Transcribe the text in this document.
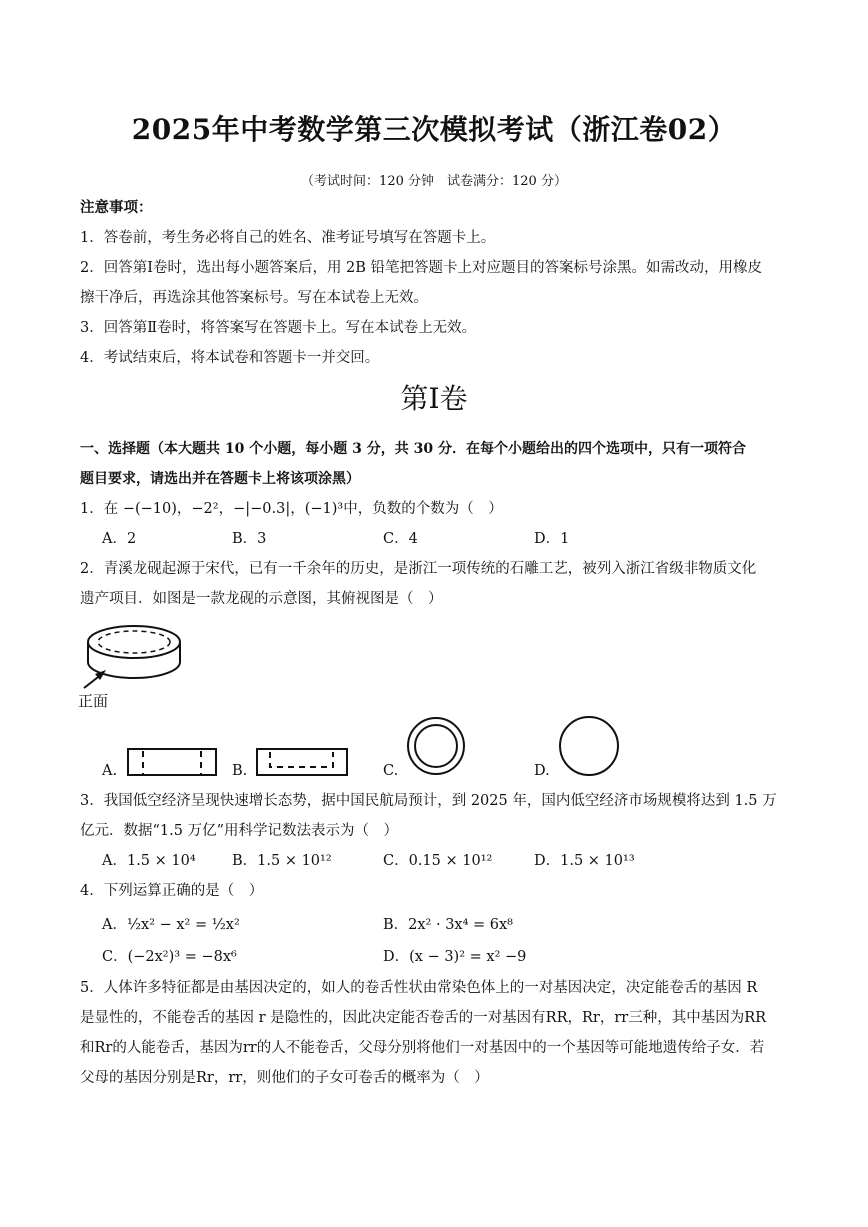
2025年中考数学第三次模拟考试（浙江卷02）
（考试时间：120 分钟　试卷满分：120 分）
注意事项：
1．答卷前，考生务必将自己的姓名、准考证号填写在答题卡上。
2．回答第Ⅰ卷时，选出每小题答案后，用 2B 铅笔把答题卡上对应题目的答案标号涂黑。如需改动，用橡皮
擦干净后，再选涂其他答案标号。写在本试卷上无效。
3．回答第Ⅱ卷时，将答案写在答题卡上。写在本试卷上无效。
4．考试结束后，将本试卷和答题卡一并交回。
第Ⅰ卷
一、选择题（本大题共 10 个小题，每小题 3 分，共 30 分．在每个小题给出的四个选项中，只有一项符合
题目要求，请选出并在答题卡上将该项涂黑）
1．在 −(−10)，−2²，−|−0.3|，(−1)³中，负数的个数为（　）
A．2	B．3	C．4	D．1
2．青溪龙砚起源于宋代，已有一千余年的历史，是浙江一项传统的石雕工艺，被列入浙江省级非物质文化
遗产项目．如图是一款龙砚的示意图，其俯视图是（　）
正面
A.	B.	C.	D.
3．我国低空经济呈现快速增长态势，据中国民航局预计，到 2025 年，国内低空经济市场规模将达到 1.5 万
亿元．数据“1.5 万亿”用科学记数法表示为（　）
A．1.5 × 10⁴	B．1.5 × 10¹²	C．0.15 × 10¹²	D．1.5 × 10¹³
4．下列运算正确的是（　）
A．½x² − x² = ½x²	B．2x² · 3x⁴ = 6x⁸
C．(−2x²)³ = −8x⁶	D．(x − 3)² = x² −9
5．人体许多特征都是由基因决定的，如人的卷舌性状由常染色体上的一对基因决定，决定能卷舌的基因 R
是显性的，不能卷舌的基因 r 是隐性的，因此决定能否卷舌的一对基因有RR，Rr，rr三种，其中基因为RR
和Rr的人能卷舌，基因为rr的人不能卷舌，父母分别将他们一对基因中的一个基因等可能地遗传给子女．若
父母的基因分别是Rr，rr，则他们的子女可卷舌的概率为（　）
